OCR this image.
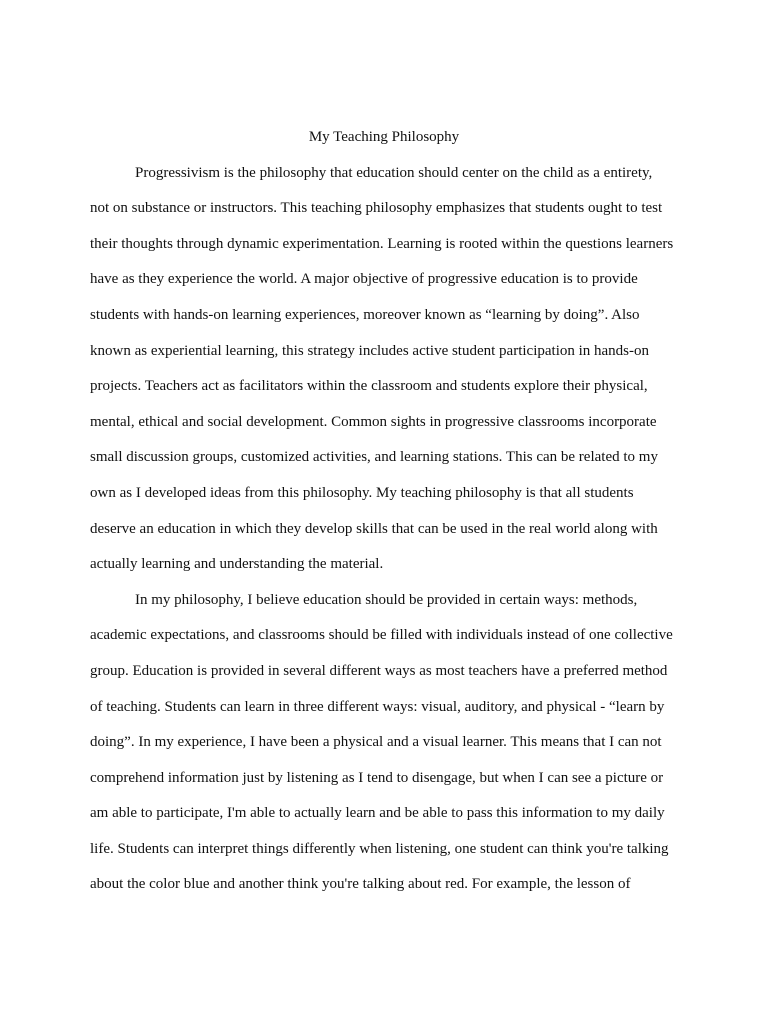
My Teaching Philosophy

Progressivism is the philosophy that education should center on the child as a entirety,
not on substance or instructors. This teaching philosophy emphasizes that students ought to test
their thoughts through dynamic experimentation. Learning is rooted within the questions learners
have as they experience the world. A major objective of progressive education is to provide
students with hands-on learning experiences, moreover known as “learning by doing”. Also
known as experiential learning, this strategy includes active student participation in hands-on
projects. Teachers act as facilitators within the classroom and students explore their physical,
mental, ethical and social development. Common sights in progressive classrooms incorporate
small discussion groups, customized activities, and learning stations. This can be related to my
own as I developed ideas from this philosophy. My teaching philosophy is that all students
deserve an education in which they develop skills that can be used in the real world along with
actually learning and understanding the material.
In my philosophy, I believe education should be provided in certain ways: methods,
academic expectations, and classrooms should be filled with individuals instead of one collective
group. Education is provided in several different ways as most teachers have a preferred method
of teaching. Students can learn in three different ways: visual, auditory, and physical - “learn by
doing”. In my experience, I have been a physical and a visual learner. This means that I can not
comprehend information just by listening as I tend to disengage, but when I can see a picture or
am able to participate, I'm able to actually learn and be able to pass this information to my daily
life. Students can interpret things differently when listening, one student can think you're talking
about the color blue and another think you're talking about red. For example, the lesson of
